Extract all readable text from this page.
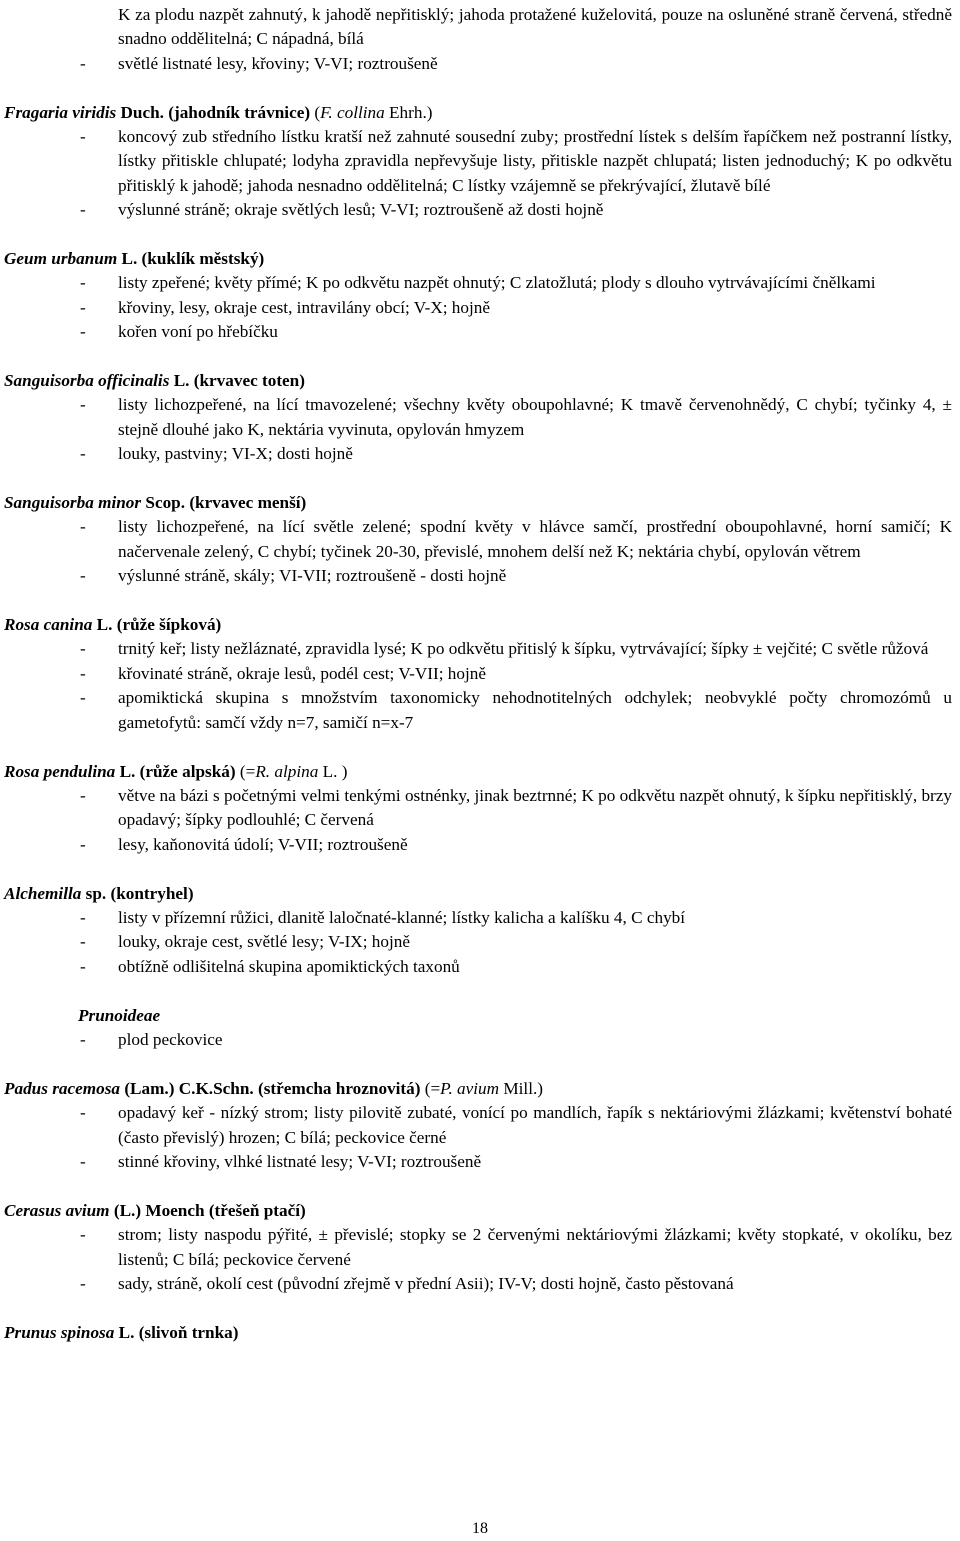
K za plodu nazpět zahnutý, k jahodě nepřitisklý; jahoda protažené kuželovitá, pouze na osluněné straně červená, středně snadno oddělitelná; C nápadná, bílá
- světlé listnaté lesy, křoviny; V-VI; roztroušeně
Fragaria viridis Duch. (jahodník trávnice) (F. collina Ehrh.)
- koncový zub středního lístku kratší než zahnuté sousední zuby; prostřední lístek s delším řapíčkem než postranní lístky, lístky přitiskle chlupaté; lodyha zpravidla nepřevyšuje listy, přitiskle nazpět chlupatá; listen jednoduchý; K po odkvětu přitisklý k jahodě; jahoda nesnadno oddělitelná; C lístky vzájemně se překrývající, žlutavě bílé
- výslunné stráně; okraje světlých lesů; V-VI; roztroušeně až dosti hojně
Geum urbanum L. (kuklík městský)
- listy zpeřené; květy přímé; K po odkvětu nazpět ohnutý; C zlatožlutá; plody s dlouho vytrvávajícími čnělkami
- křoviny, lesy, okraje cest, intravilány obcí; V-X; hojně
- kořen voní po hřebíčku
Sanguisorba officinalis L. (krvavec toten)
- listy lichozpeřené, na lící tmavozelené; všechny květy oboupohlavné; K tmavě červenohnědý, C chybí; tyčinky 4, ± stejně dlouhé jako K, nektária vyvinuta, opylován hmyzem
- louky, pastviny; VI-X; dosti hojně
Sanguisorba minor Scop. (krvavec menší)
- listy lichozpeřené, na lící světle zelené; spodní květy v hlávce samčí, prostřední oboupohlavné, horní samičí; K načervenale zelený, C chybí; tyčinek 20-30, převislé, mnohem delší než K; nektária chybí, opylován větrem
- výslunné stráně, skály; VI-VII; roztroušeně - dosti hojně
Rosa canina L. (růže šípková)
- trnitý keř; listy nežláznaté, zpravidla lysé; K po odkvětu přitislý k šípku, vytrvávající; šípky ± vejčité; C světle růžová
- křovinaté stráně, okraje lesů, podél cest; V-VII; hojně
- apomiktická skupina s množstvím taxonomicky nehodnotitelných odchylek; neobvyklé počty chromozómů u gametofytů: samčí vždy n=7, samičí n=x-7
Rosa pendulina L. (růže alpská) (=R. alpina L. )
- větve na bázi s početnými velmi tenkými ostnénky, jinak beztrnné; K po odkvětu nazpět ohnutý, k šípku nepřitisklý, brzy opadavý; šípky podlouhlé; C červená
- lesy, kaňonovitá údolí; V-VII; roztroušeně
Alchemilla sp. (kontryhel)
- listy v přízemní růžici, dlanitě laločnaté-klanné; lístky kalicha a kalíšku 4, C chybí
- louky, okraje cest, světlé lesy; V-IX; hojně
- obtížně odlišitelná skupina apomiktických taxonů
Prunoideae
- plod peckovice
Padus racemosa (Lam.) C.K.Schn. (střemcha hroznovitá) (=P. avium Mill.)
- opadavý keř - nízký strom; listy pilovitě zubaté, vonící po mandlích, řapík s nektáriovými žlázkami; květenství bohaté (často převislý) hrozen; C bílá; peckovice černé
- stinné křoviny, vlhké listnaté lesy; V-VI; roztroušeně
Cerasus avium (L.) Moench (třešeň ptačí)
- strom; listy naspodu pýřité, ± převislé; stopky se 2 červenými nektáriovými žlázkami; květy stopkaté, v okolíku, bez listenů; C bílá; peckovice červené
- sady, stráně, okolí cest (původní zřejmě v přední Asii); IV-V; dosti hojně, často pěstovaná
Prunus spinosa L. (slivoň trnka)
18
